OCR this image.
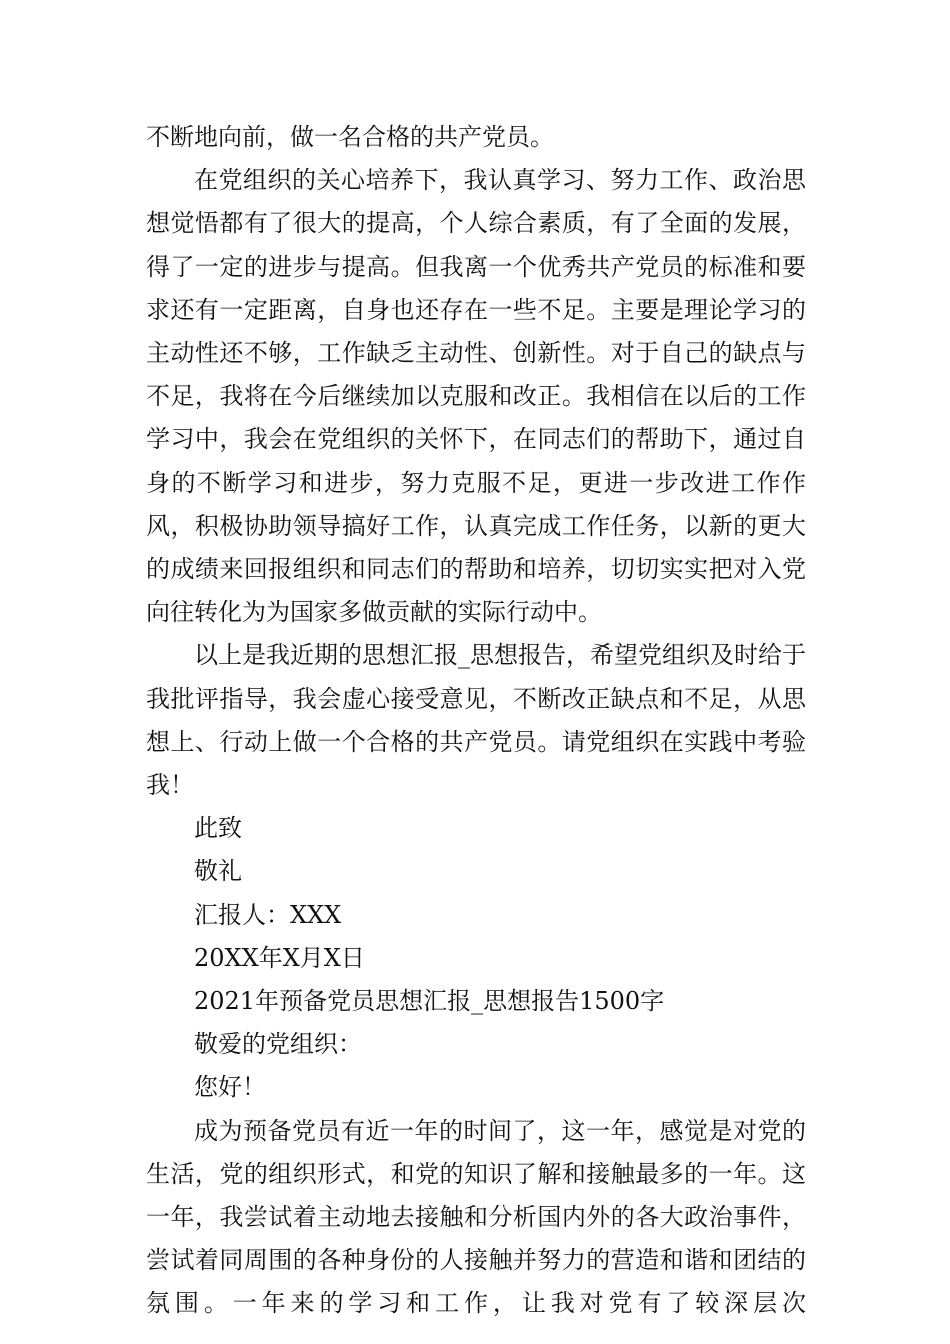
不断地向前，做一名合格的共产党员。

在党组织的关心培养下，我认真学习、努力工作、政治思想觉悟都有了很大的提高，个人综合素质，有了全面的发展，得了一定的进步与提高。但我离一个优秀共产党员的标准和要求还有一定距离，自身也还存在一些不足。主要是理论学习的主动性还不够，工作缺乏主动性、创新性。对于自己的缺点与不足，我将在今后继续加以克服和改正。我相信在以后的工作学习中，我会在党组织的关怀下，在同志们的帮助下，通过自身的不断学习和进步，努力克服不足，更进一步改进工作作风，积极协助领导搞好工作，认真完成工作任务，以新的更大的成绩来回报组织和同志们的帮助和培养，切切实实把对入党向往转化为为国家多做贡献的实际行动中。

以上是我近期的思想汇报_思想报告，希望党组织及时给于我批评指导，我会虚心接受意见，不断改正缺点和不足，从思想上、行动上做一个合格的共产党员。请党组织在实践中考验我！

此致

敬礼

汇报人：XXX

20XX年X月X日

2021年预备党员思想汇报_思想报告1500字

敬爱的党组织：

您好！

成为预备党员有近一年的时间了，这一年，感觉是对党的生活，党的组织形式，和党的知识了解和接触最多的一年。这一年，我尝试着主动地去接触和分析国内外的各大政治事件，尝试着同周围的各种身份的人接触并努力的营造和谐和团结的氛围。一年来的学习和工作，让我对党有了较深层次
